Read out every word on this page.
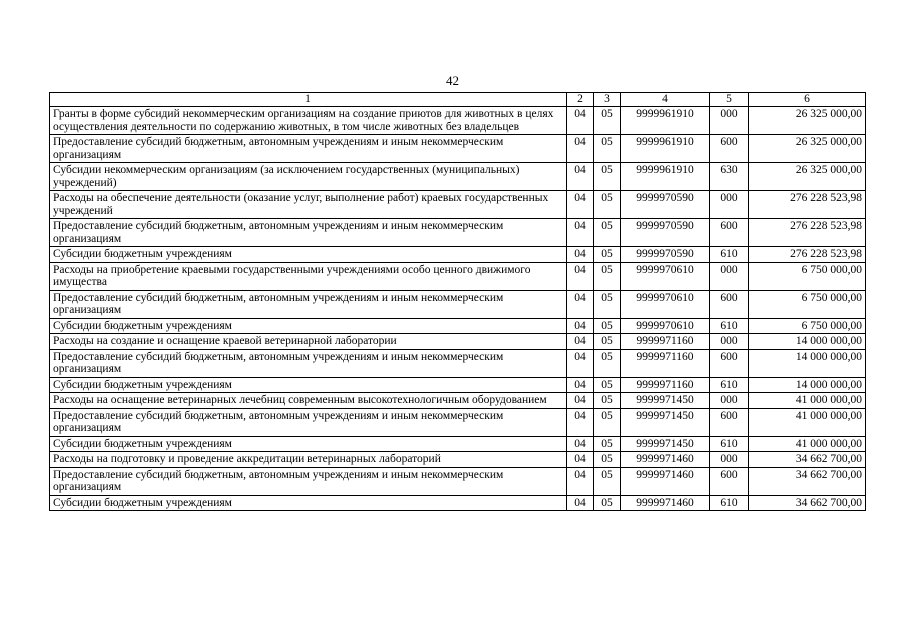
42
1	2	3	4	5	6
Гранты в форме субсидий некоммерческим организациям на создание приютов для животных в целях осуществления деятельности по содержанию животных, в том числе животных без владельцев	04	05	9999961910	000	26 325 000,00
Предоставление субсидий бюджетным, автономным учреждениям и иным некоммерческим организациям	04	05	9999961910	600	26 325 000,00
Субсидии некоммерческим организациям (за исключением государственных (муниципальных) учреждений)	04	05	9999961910	630	26 325 000,00
Расходы на обеспечение деятельности (оказание услуг, выполнение работ) краевых государственных учреждений	04	05	9999970590	000	276 228 523,98
Предоставление субсидий бюджетным, автономным учреждениям и иным некоммерческим организациям	04	05	9999970590	600	276 228 523,98
Субсидии бюджетным учреждениям	04	05	9999970590	610	276 228 523,98
Расходы на приобретение краевыми государственными учреждениями особо ценного движимого имущества	04	05	9999970610	000	6 750 000,00
Предоставление субсидий бюджетным, автономным учреждениям и иным некоммерческим организациям	04	05	9999970610	600	6 750 000,00
Субсидии бюджетным учреждениям	04	05	9999970610	610	6 750 000,00
Расходы на создание и оснащение краевой ветеринарной лаборатории	04	05	9999971160	000	14 000 000,00
Предоставление субсидий бюджетным, автономным учреждениям и иным некоммерческим организациям	04	05	9999971160	600	14 000 000,00
Субсидии бюджетным учреждениям	04	05	9999971160	610	14 000 000,00
Расходы на оснащение ветеринарных лечебниц современным высокотехнологичным оборудованием	04	05	9999971450	000	41 000 000,00
Предоставление субсидий бюджетным, автономным учреждениям и иным некоммерческим организациям	04	05	9999971450	600	41 000 000,00
Субсидии бюджетным учреждениям	04	05	9999971450	610	41 000 000,00
Расходы на подготовку и проведение аккредитации ветеринарных лабораторий	04	05	9999971460	000	34 662 700,00
Предоставление субсидий бюджетным, автономным учреждениям и иным некоммерческим организациям	04	05	9999971460	600	34 662 700,00
Субсидии бюджетным учреждениям	04	05	9999971460	610	34 662 700,00
